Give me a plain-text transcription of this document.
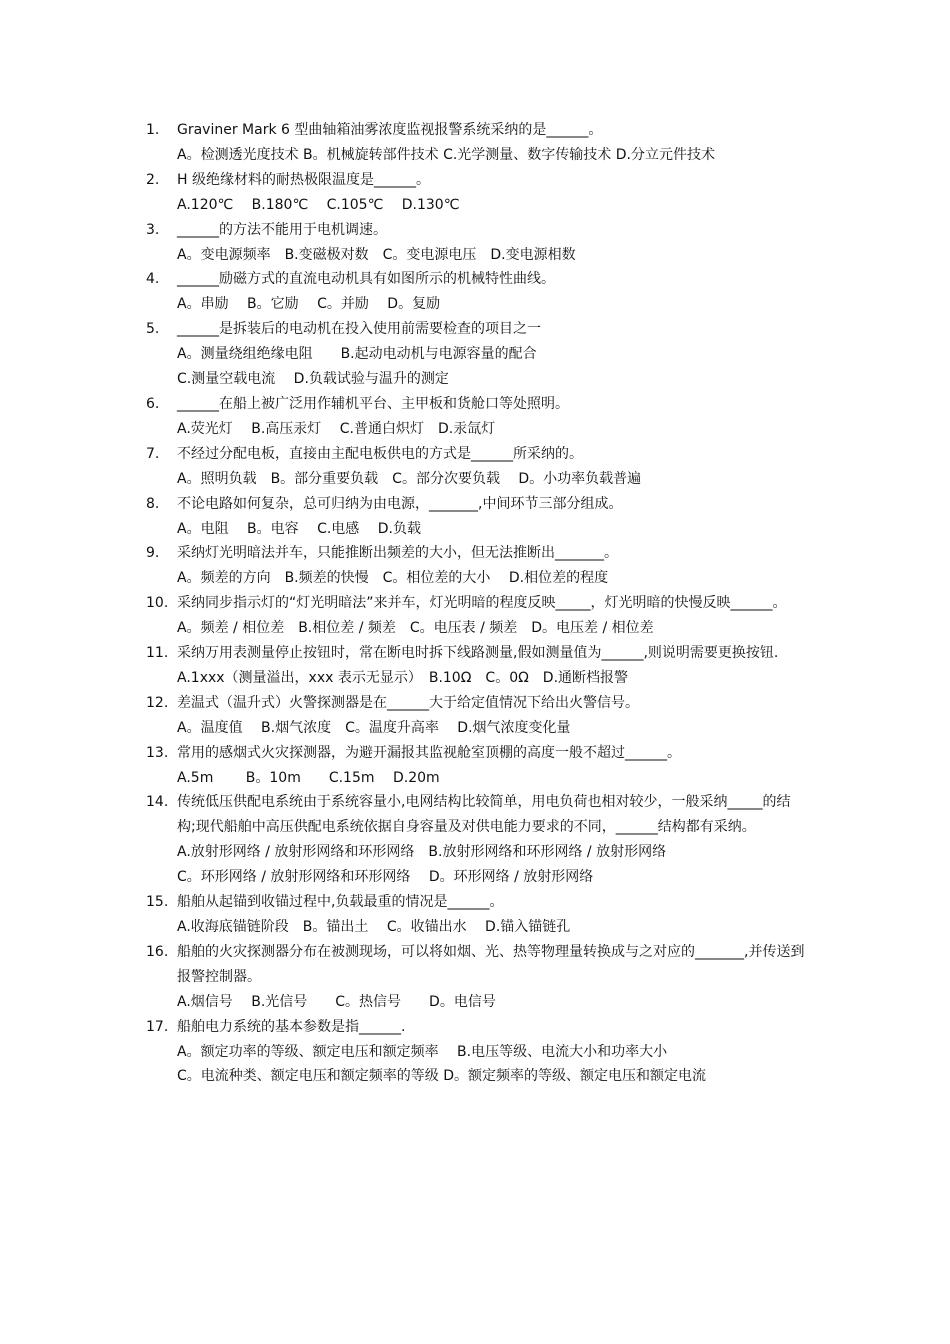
1.	Graviner Mark 6 型曲轴箱油雾浓度监视报警系统采纳的是______。
A。检测透光度技术 B。机械旋转部件技术 C.光学测量、数字传输技术 D.分立元件技术
2.	H 级绝缘材料的耐热极限温度是______。
A.120℃　 B.180℃　 C.105℃　 D.130℃
3.	______的方法不能用于电机调速。
A。变电源频率　B.变磁极对数　C。变电源电压　D.变电源相数
4.	______励磁方式的直流电动机具有如图所示的机械特性曲线。
A。串励　 B。它励　 C。并励　 D。复励
5.	______是拆装后的电动机在投入使用前需要检查的项目之一
A。测量绕组绝缘电阻　　B.起动电动机与电源容量的配合
C.测量空载电流　 D.负载试验与温升的测定
6.	______在船上被广泛用作辅机平台、主甲板和货舱口等处照明。
A.荧光灯　 B.高压汞灯　 C.普通白炽灯　D.汞氙灯
7.	不经过分配电板，直接由主配电板供电的方式是______所采纳的。
A。照明负载　B。部分重要负载　C。部分次要负载　 D。小功率负载普遍
8.	不论电路如何复杂，总可归纳为由电源，_______,中间环节三部分组成。
A。电阻　 B。电容　 C.电感　 D.负载
9.	采纳灯光明暗法并车，只能推断出频差的大小，但无法推断出_______。
A。频差的方向　B.频差的快慢　C。相位差的大小　 D.相位差的程度
10. 采纳同步指示灯的“灯光明暗法”来并车，灯光明暗的程度反映_____，灯光明暗的快慢反映______。
A。频差 / 相位差　B.相位差 / 频差　C。电压表 / 频差　D。电压差 / 相位差
11. 采纳万用表测量停止按钮时，常在断电时拆下线路测量,假如测量值为______,则说明需要更换按钮.
A.1xxx（测量溢出，xxx 表示无显示）　B.10Ω　C。0Ω　D.通断档报警
12. 差温式（温升式）火警探测器是在______大于给定值情况下给出火警信号。
A。温度值　 B.烟气浓度　C。温度升高率　 D.烟气浓度变化量
13. 常用的感烟式火灾探测器，为避开漏报其监视舱室顶棚的高度一般不超过______。
A.5m　　 B。10m　　C.15m　 D.20m
14. 传统低压供配电系统由于系统容量小,电网结构比较简单，用电负荷也相对较少，一般采纳_____的结构;现代船舶中高压供配电系统依据自身容量及对供电能力要求的不同，______结构都有采纳。
A.放射形网络 / 放射形网络和环形网络　B.放射形网络和环形网络 / 放射形网络
C。环形网络 / 放射形网络和环形网络　 D。环形网络 / 放射形网络
15. 船舶从起锚到收锚过程中,负载最重的情况是______。
A.收海底锚链阶段　B。锚出土　 C。收锚出水　 D.锚入锚链孔
16. 船舶的火灾探测器分布在被测现场，可以将如烟、光、热等物理量转换成与之对应的_______,并传送到报警控制器。
A.烟信号　 B.光信号　　C。热信号　　D。电信号
17. 船舶电力系统的基本参数是指______.
A。额定功率的等级、额定电压和额定频率　 B.电压等级、电流大小和功率大小
C。电流种类、额定电压和额定频率的等级 D。额定频率的等级、额定电压和额定电流
